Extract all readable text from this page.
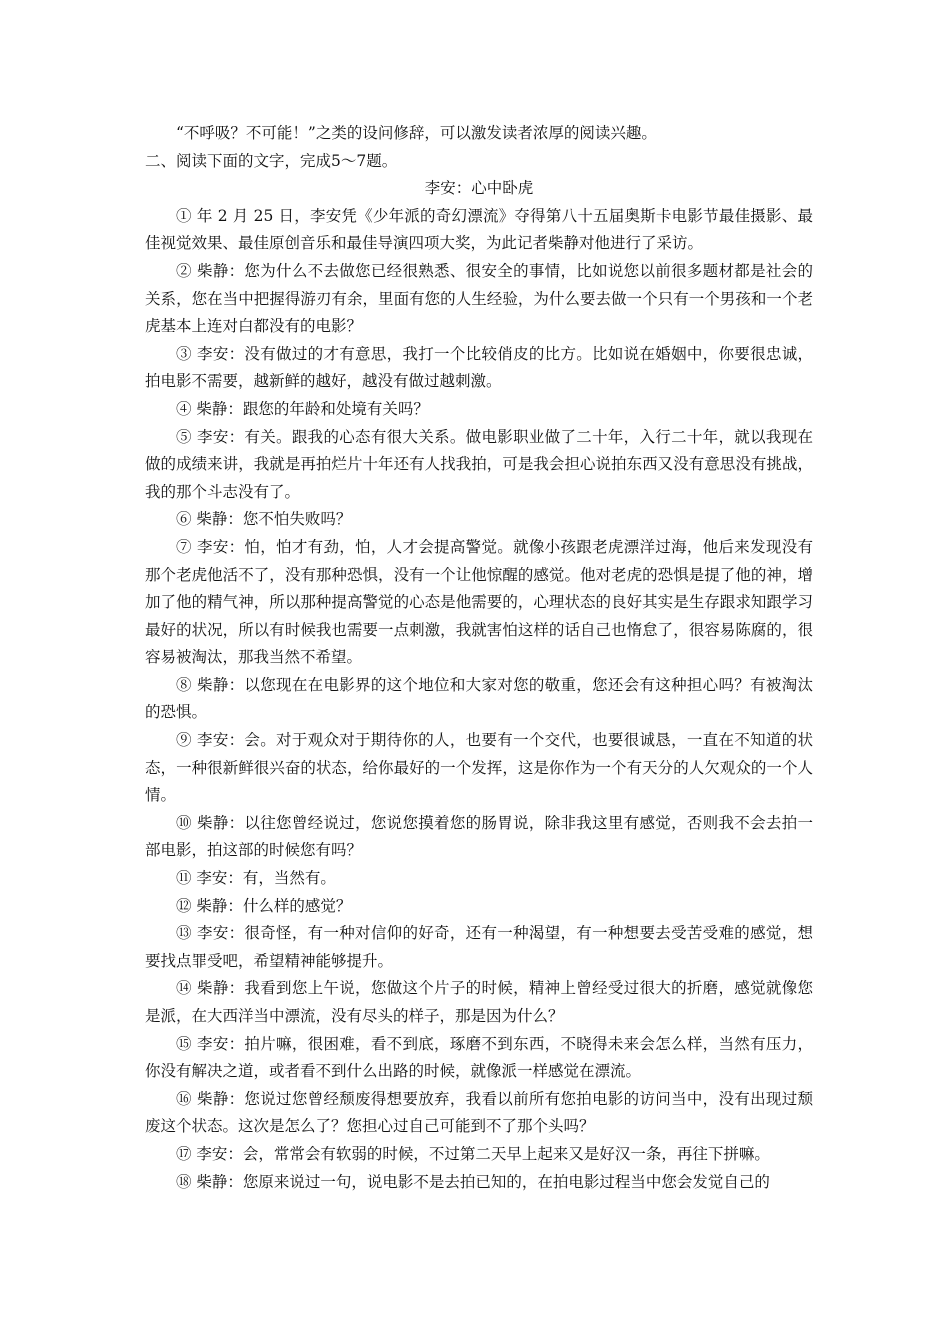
“不呼吸？不可能！”之类的设问修辞，可以激发读者浓厚的阅读兴趣。

二、阅读下面的文字，完成5～7题。

李安：心中卧虎

① 年 2 月 25 日，李安凭《少年派的奇幻漂流》夺得第八十五届奥斯卡电影节最佳摄影、最佳视觉效果、最佳原创音乐和最佳导演四项大奖，为此记者柴静对他进行了采访。

② 柴静：您为什么不去做您已经很熟悉、很安全的事情，比如说您以前很多题材都是社会的关系，您在当中把握得游刃有余，里面有您的人生经验，为什么要去做一个只有一个男孩和一个老虎基本上连对白都没有的电影？

③ 李安：没有做过的才有意思，我打一个比较俏皮的比方。比如说在婚姻中，你要很忠诚，拍电影不需要，越新鲜的越好，越没有做过越刺激。

④ 柴静：跟您的年龄和处境有关吗？

⑤ 李安：有关。跟我的心态有很大关系。做电影职业做了二十年，入行二十年，就以我现在做的成绩来讲，我就是再拍烂片十年还有人找我拍，可是我会担心说拍东西又没有意思没有挑战，我的那个斗志没有了。

⑥ 柴静：您不怕失败吗？

⑦ 李安：怕，怕才有劲，怕，人才会提高警觉。就像小孩跟老虎漂洋过海，他后来发现没有那个老虎他活不了，没有那种恐惧，没有一个让他惊醒的感觉。他对老虎的恐惧是提了他的神，增加了他的精气神，所以那种提高警觉的心态是他需要的，心理状态的良好其实是生存跟求知跟学习最好的状况，所以有时候我也需要一点刺激，我就害怕这样的话自己也惰怠了，很容易陈腐的，很容易被淘汰，那我当然不希望。

⑧ 柴静：以您现在在电影界的这个地位和大家对您的敬重，您还会有这种担心吗？有被淘汰的恐惧。

⑨ 李安：会。对于观众对于期待你的人，也要有一个交代，也要很诚恳，一直在不知道的状态，一种很新鲜很兴奋的状态，给你最好的一个发挥，这是你作为一个有天分的人欠观众的一个人情。

⑩ 柴静：以往您曾经说过，您说您摸着您的肠胃说，除非我这里有感觉，否则我不会去拍一部电影，拍这部的时候您有吗？

⑪ 李安：有，当然有。

⑫ 柴静：什么样的感觉？

⑬ 李安：很奇怪，有一种对信仰的好奇，还有一种渴望，有一种想要去受苦受难的感觉，想要找点罪受吧，希望精神能够提升。

⑭ 柴静：我看到您上午说，您做这个片子的时候，精神上曾经受过很大的折磨，感觉就像您是派，在大西洋当中漂流，没有尽头的样子，那是因为什么？

⑮ 李安：拍片嘛，很困难，看不到底，琢磨不到东西，不晓得未来会怎么样，当然有压力，你没有解决之道，或者看不到什么出路的时候，就像派一样感觉在漂流。

⑯ 柴静：您说过您曾经颓废得想要放弃，我看以前所有您拍电影的访问当中，没有出现过颓废这个状态。这次是怎么了？您担心过自己可能到不了那个头吗？

⑰ 李安：会，常常会有软弱的时候，不过第二天早上起来又是好汉一条，再往下拼嘛。

⑱ 柴静：您原来说过一句，说电影不是去拍已知的，在拍电影过程当中您会发觉自己的
